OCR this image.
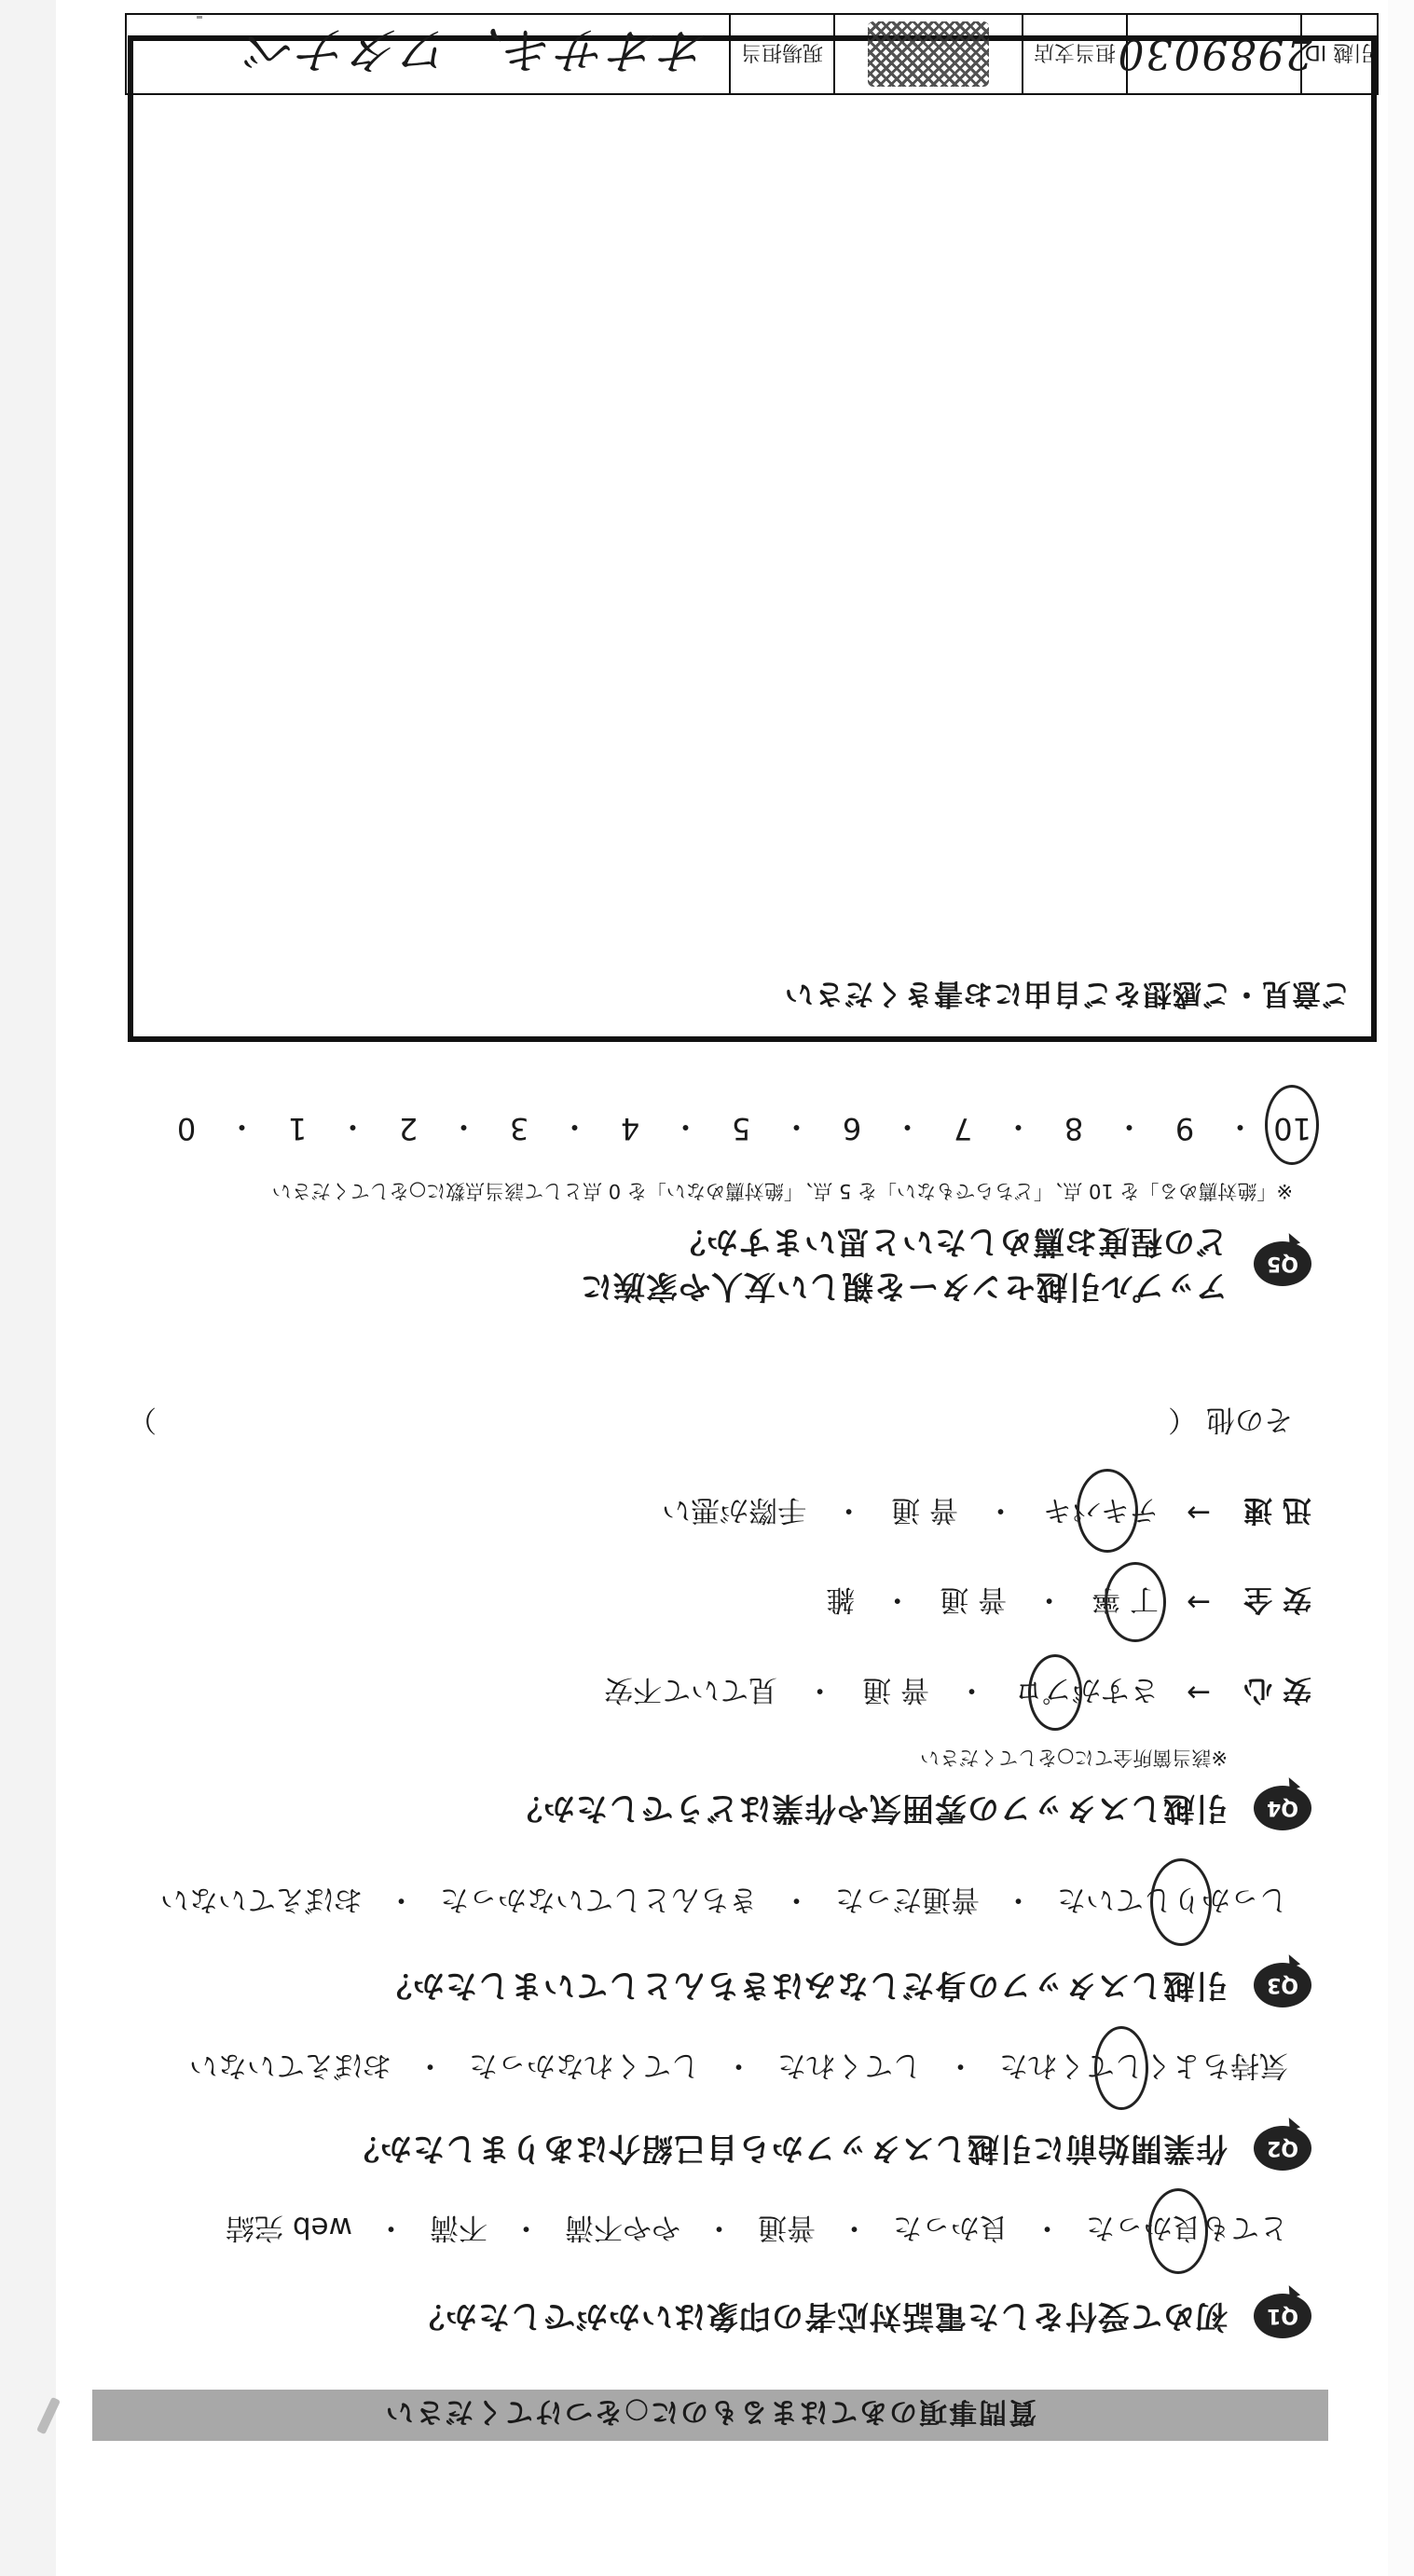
質問事項のあてはまるものに○をつけてください
Q1
初めて受付をした電話対応者の印象はいかがでしたか？
とても良かった
・
良かった
・
普通
・
やや不満
・
不満
・
web 完結
Q2
作業開始前に引越しスタッフから自己紹介はありましたか？
気持ちよくしてくれた
・
してくれた
・
してくれなかった
・
おぼえていない
Q3
引越しスタッフの身だしなみはきちんとしていましたか？
しっかりしていた
・
普通だった
・
きちんとしていなかった
・
おぼえていない
Q4
引越しスタッフの雰囲気や作業はどうでしたか？
※該当箇所全てに○をしてください
安 心
→
さすがプロ
・
普 通
・
見ていて不安
安 全
→
丁 寧
・
普 通
・
雑
迅 速
→
テキパキ
・
普 通
・
手際が悪い
その他 （
）
Q5
アップル引越センターを親しい友人や家族に
どの程度お薦めしたいと思いますか？
※「絶対薦める」を 10 点、「どちらでもない」を 5 点、「絶対薦めない」を 0 点として該当点数に○をしてください
10
・
9
・
8
・
7
・
6
・
5
・
4
・
3
・
2
・
1
・
0
ご意見・ご感想をご自由にお書きください
引越 ID
2989030
担当支店
現場担当
オオサキ、ワタナベ
